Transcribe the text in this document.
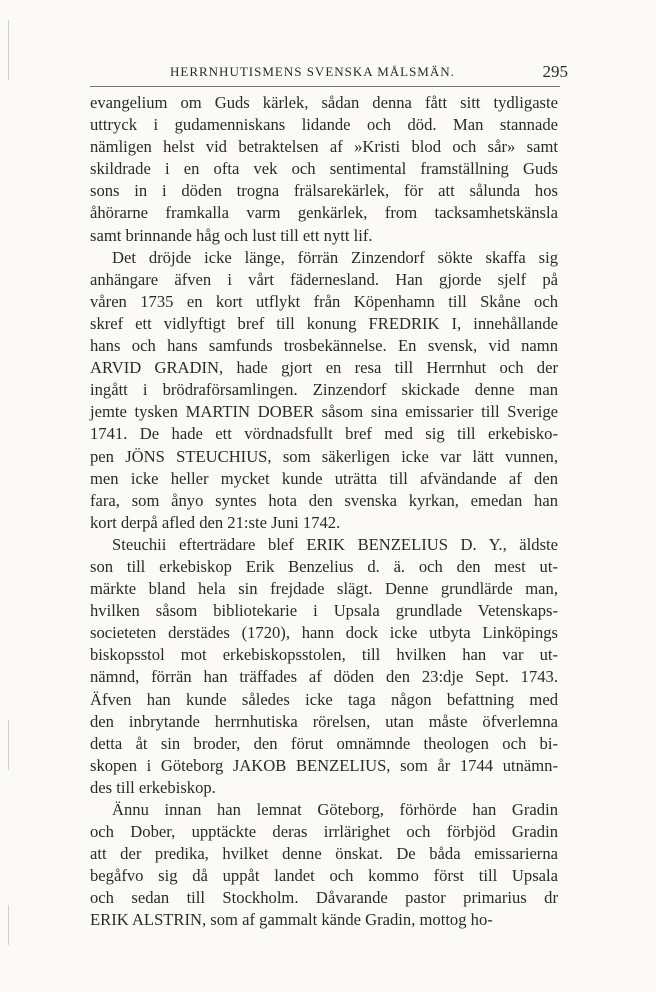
HERRNHUTISMENS SVENSKA MÅLSMÄN.	295
evangelium om Guds kärlek, sådan denna fått sitt tydligaste
uttryck i gudamenniskans lidande och död. Man stannade
nämligen helst vid betraktelsen af »Kristi blod och sår» samt
skildrade i en ofta vek och sentimental framställning Guds
sons in i döden trogna frälsarekärlek, för att sålunda hos
åhörarne framkalla varm genkärlek, from tacksamhetskänsla
samt brinnande håg och lust till ett nytt lif.
Det dröjde icke länge, förrän Zinzendorf sökte skaffa sig
anhängare äfven i vårt fädernesland. Han gjorde sjelf på
våren 1735 en kort utflykt från Köpenhamn till Skåne och
skref ett vidlyftigt bref till konung FREDRIK I, innehållande
hans och hans samfunds trosbekännelse. En svensk, vid namn
ARVID GRADIN, hade gjort en resa till Herrnhut och der
ingått i brödraförsamlingen. Zinzendorf skickade denne man
jemte tysken MARTIN DOBER såsom sina emissarier till Sverige
1741. De hade ett vördnadsfullt bref med sig till erkebisko-
pen JÖNS STEUCHIUS, som säkerligen icke var lätt vunnen,
men icke heller mycket kunde uträtta till afvändande af den
fara, som ånyo syntes hota den svenska kyrkan, emedan han
kort derpå afled den 21:ste Juni 1742.
Steuchii efterträdare blef ERIK BENZELIUS D. Y., äldste
son till erkebiskop Erik Benzelius d. ä. och den mest ut-
märkte bland hela sin frejdade slägt. Denne grundlärde man,
hvilken såsom bibliotekarie i Upsala grundlade Vetenskaps-
societeten derstädes (1720), hann dock icke utbyta Linköpings
biskopsstol mot erkebiskopsstolen, till hvilken han var ut-
nämnd, förrän han träffades af döden den 23:dje Sept. 1743.
Äfven han kunde således icke taga någon befattning med
den inbrytande herrnhutiska rörelsen, utan måste öfverlemna
detta åt sin broder, den förut omnämnde theologen och bi-
skopen i Göteborg JAKOB BENZELIUS, som år 1744 utnämn-
des till erkebiskop.
Ännu innan han lemnat Göteborg, förhörde han Gradin
och Dober, upptäckte deras irrlärighet och förbjöd Gradin
att der predika, hvilket denne önskat. De båda emissarierna
begåfvo sig då uppåt landet och kommo först till Upsala
och sedan till Stockholm. Dåvarande pastor primarius dr
ERIK ALSTRIN, som af gammalt kände Gradin, mottog ho-
